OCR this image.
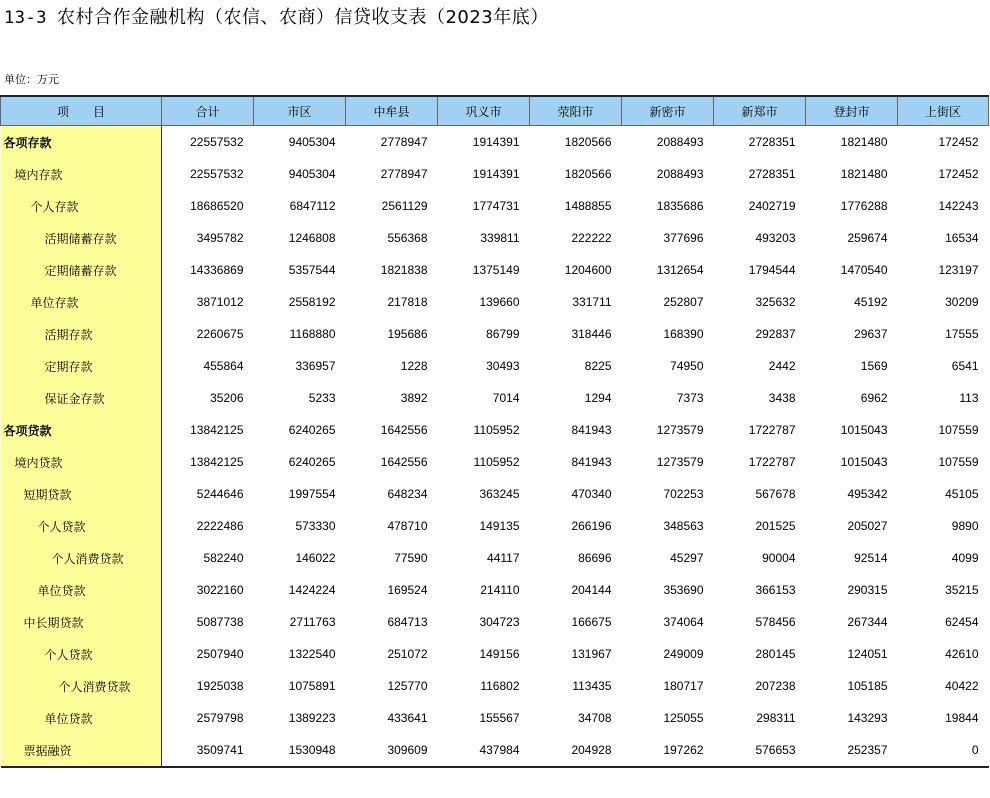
13-3 农村合作金融机构（农信、农商）信贷收支表（2023年底）
单位：万元
项　　目	合计	市区	中牟县	巩义市	荥阳市	新密市	新郑市	登封市	上街区
各项存款	22557532	9405304	2778947	1914391	1820566	2088493	2728351	1821480	172452
境内存款	22557532	9405304	2778947	1914391	1820566	2088493	2728351	1821480	172452
个人存款	18686520	6847112	2561129	1774731	1488855	1835686	2402719	1776288	142243
活期储蓄存款	3495782	1246808	556368	339811	222222	377696	493203	259674	16534
定期储蓄存款	14336869	5357544	1821838	1375149	1204600	1312654	1794544	1470540	123197
单位存款	3871012	2558192	217818	139660	331711	252807	325632	45192	30209
活期存款	2260675	1168880	195686	86799	318446	168390	292837	29637	17555
定期存款	455864	336957	1228	30493	8225	74950	2442	1569	6541
保证金存款	35206	5233	3892	7014	1294	7373	3438	6962	113
各项贷款	13842125	6240265	1642556	1105952	841943	1273579	1722787	1015043	107559
境内贷款	13842125	6240265	1642556	1105952	841943	1273579	1722787	1015043	107559
短期贷款	5244646	1997554	648234	363245	470340	702253	567678	495342	45105
个人贷款	2222486	573330	478710	149135	266196	348563	201525	205027	9890
个人消费贷款	582240	146022	77590	44117	86696	45297	90004	92514	4099
单位贷款	3022160	1424224	169524	214110	204144	353690	366153	290315	35215
中长期贷款	5087738	2711763	684713	304723	166675	374064	578456	267344	62454
个人贷款	2507940	1322540	251072	149156	131967	249009	280145	124051	42610
个人消费贷款	1925038	1075891	125770	116802	113435	180717	207238	105185	40422
单位贷款	2579798	1389223	433641	155567	34708	125055	298311	143293	19844
票据融资	3509741	1530948	309609	437984	204928	197262	576653	252357	0
